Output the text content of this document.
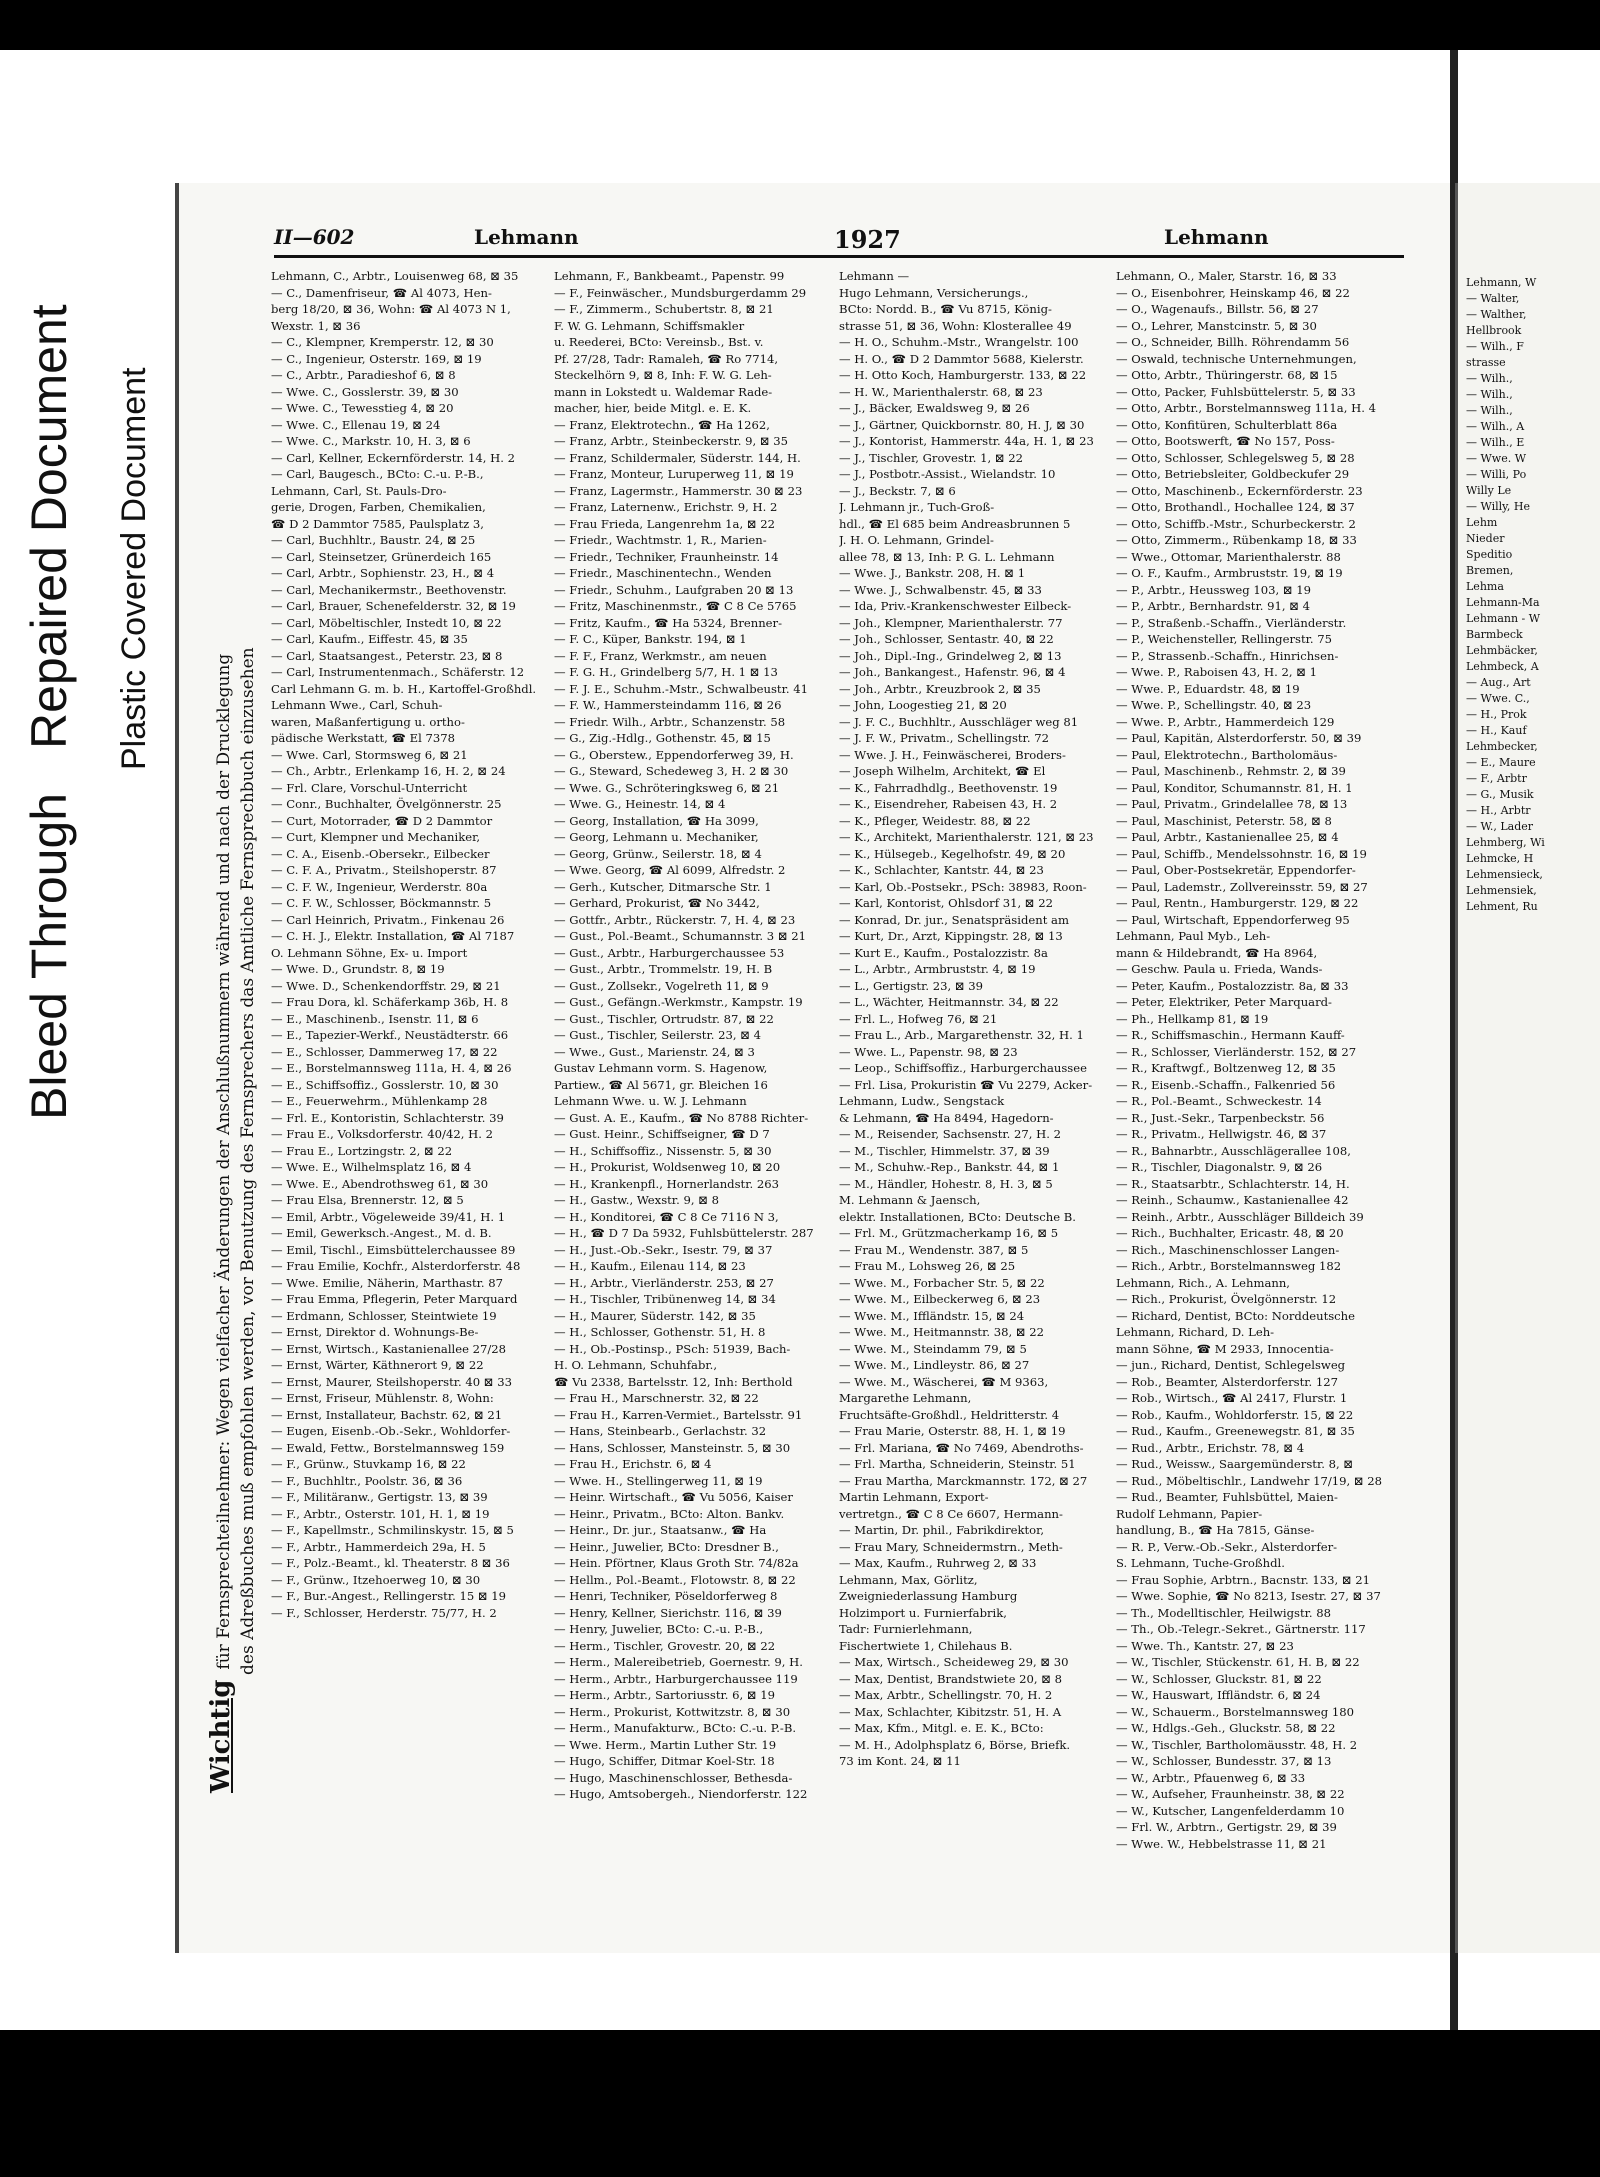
Bleed Through Repaired Document Plastic Covered Document
II—602	Lehmann	1927	Lehmann
Wichtigfür Fernsprechteilnehmer: Wegen vielfacher Änderungen der Anschlußnummern während und nach der Drucklegung des Adreßbuches muß empfohlen werden, vor Benutzung des Fernsprechers das Amtliche Fernsprechbuch einzusehen
Lehmann, C., Arbtr., Louisenweg 68, ⊠ 35
— C., Damenfriseur, ☎ Al 4073, Hen-
berg 18/20, ⊠ 36, Wohn: ☎ Al 4073 N 1,
Wexstr. 1, ⊠ 36
— C., Klempner, Kremperstr. 12, ⊠ 30
— C., Ingenieur, Osterstr. 169, ⊠ 19
— C., Arbtr., Paradieshof 6, ⊠ 8
— Wwe. C., Gosslerstr. 39, ⊠ 30
— Wwe. C., Tewesstieg 4, ⊠ 20
— Wwe. C., Ellenau 19, ⊠ 24
— Wwe. C., Markstr. 10, H. 3, ⊠ 6
— Carl, Kellner, Eckernförderstr. 14, H. 2
— Carl, Baugesch., BCto: C.-u. P.-B.,
Lehmann, Carl, St. Pauls-Dro-
gerie, Drogen, Farben, Chemikalien,
☎ D 2 Dammtor 7585, Paulsplatz 3,
— Carl, Buchhltr., Baustr. 24, ⊠ 25
— Carl, Steinsetzer, Grünerdeich 165
— Carl, Arbtr., Sophienstr. 23, H., ⊠ 4
— Carl, Mechanikermstr., Beethovenstr.
— Carl, Brauer, Schenefelderstr. 32, ⊠ 19
— Carl, Möbeltischler, Instedt 10, ⊠ 22
— Carl, Kaufm., Eiffestr. 45, ⊠ 35
— Carl, Staatsangest., Peterstr. 23, ⊠ 8
— Carl, Instrumentenmach., Schäferstr. 12
Carl Lehmann G. m. b. H., Kartoffel-Großhdl.
Lehmann Wwe., Carl, Schuh-
waren, Maßanfertigung u. ortho-
pädische Werkstatt, ☎ El 7378
— Wwe. Carl, Stormsweg 6, ⊠ 21
— Ch., Arbtr., Erlenkamp 16, H. 2, ⊠ 24
— Frl. Clare, Vorschul-Unterricht
— Conr., Buchhalter, Övelgönnerstr. 25
— Curt, Motorrader, ☎ D 2 Dammtor
— Curt, Klempner und Mechaniker,
— C. A., Eisenb.-Obersekr., Eilbecker
— C. F. A., Privatm., Steilshoperstr. 87
— C. F. W., Ingenieur, Werderstr. 80a
— C. F. W., Schlosser, Böckmannstr. 5
— Carl Heinrich, Privatm., Finkenau 26
— C. H. J., Elektr. Installation, ☎ Al 7187
O. Lehmann Söhne, Ex- u. Import
— Wwe. D., Grundstr. 8, ⊠ 19
— Wwe. D., Schenkendorffstr. 29, ⊠ 21
— Frau Dora, kl. Schäferkamp 36b, H. 8
— E., Maschinenb., Isenstr. 11, ⊠ 6
— E., Tapezier-Werkf., Neustädterstr. 66
— E., Schlosser, Dammerweg 17, ⊠ 22
— E., Borstelmannsweg 111a, H. 4, ⊠ 26
— E., Schiffsoffiz., Gosslerstr. 10, ⊠ 30
— E., Feuerwehrm., Mühlenkamp 28
— Frl. E., Kontoristin, Schlachterstr. 39
— Frau E., Volksdorferstr. 40/42, H. 2
— Frau E., Lortzingstr. 2, ⊠ 22
— Wwe. E., Wilhelmsplatz 16, ⊠ 4
— Wwe. E., Abendrothsweg 61, ⊠ 30
— Frau Elsa, Brennerstr. 12, ⊠ 5
— Emil, Arbtr., Vögeleweide 39/41, H. 1
— Emil, Gewerksch.-Angest., M. d. B.
— Emil, Tischl., Eimsbüttelerchaussee 89
— Frau Emilie, Kochfr., Alsterdorferstr. 48
— Wwe. Emilie, Näherin, Marthastr. 87
— Frau Emma, Pflegerin, Peter Marquard
— Erdmann, Schlosser, Steintwiete 19
— Ernst, Direktor d. Wohnungs-Be-
— Ernst, Wirtsch., Kastanienallee 27/28
— Ernst, Wärter, Käthnerort 9, ⊠ 22
— Ernst, Maurer, Steilshoperstr. 40 ⊠ 33
— Ernst, Friseur, Mühlenstr. 8, Wohn:
— Ernst, Installateur, Bachstr. 62, ⊠ 21
— Eugen, Eisenb.-Ob.-Sekr., Wohldorfer-
— Ewald, Fettw., Borstelmannsweg 159
— F., Grünw., Stuvkamp 16, ⊠ 22
— F., Buchhltr., Poolstr. 36, ⊠ 36
— F., Militäranw., Gertigstr. 13, ⊠ 39
— F., Arbtr., Osterstr. 101, H. 1, ⊠ 19
— F., Kapellmstr., Schmilinskystr. 15, ⊠ 5
— F., Arbtr., Hammerdeich 29a, H. 5
— F., Polz.-Beamt., kl. Theaterstr. 8 ⊠ 36
— F., Grünw., Itzehoerweg 10, ⊠ 30
— F., Bur.-Angest., Rellingerstr. 15 ⊠ 19
— F., Schlosser, Herderstr. 75/77, H. 2
Lehmann, F., Bankbeamt., Papenstr. 99
— F., Feinwäscher., Mundsburgerdamm 29
— F., Zimmerm., Schubertstr. 8, ⊠ 21
F. W. G. Lehmann, Schiffsmakler
u. Reederei, BCto: Vereinsb., Bst. v.
Pf. 27/28, Tadr: Ramaleh, ☎ Ro 7714,
Steckelhörn 9, ⊠ 8, Inh: F. W. G. Leh-
mann in Lokstedt u. Waldemar Rade-
macher, hier, beide Mitgl. e. E. K.
— Franz, Elektrotechn., ☎ Ha 1262,
— Franz, Arbtr., Steinbeckerstr. 9, ⊠ 35
— Franz, Schildermaler, Süderstr. 144, H.
— Franz, Monteur, Luruperweg 11, ⊠ 19
— Franz, Lagermstr., Hammerstr. 30 ⊠ 23
— Franz, Laternenw., Erichstr. 9, H. 2
— Frau Frieda, Langenrehm 1a, ⊠ 22
— Friedr., Wachtmstr. 1, R., Marien-
— Friedr., Techniker, Fraunheinstr. 14
— Friedr., Maschinentechn., Wenden
— Friedr., Schuhm., Laufgraben 20 ⊠ 13
— Fritz, Maschinenmstr., ☎ C 8 Ce 5765
— Fritz, Kaufm., ☎ Ha 5324, Brenner-
— F. C., Küper, Bankstr. 194, ⊠ 1
— F. F., Franz, Werkmstr., am neuen
— F. G. H., Grindelberg 5/7, H. 1 ⊠ 13
— F. J. E., Schuhm.-Mstr., Schwalbeustr. 41
— F. W., Hammersteindamm 116, ⊠ 26
— Friedr. Wilh., Arbtr., Schanzenstr. 58
— G., Zig.-Hdlg., Gothenstr. 45, ⊠ 15
— G., Oberstew., Eppendorferweg 39, H.
— G., Steward, Schedeweg 3, H. 2 ⊠ 30
— Wwe. G., Schröteringksweg 6, ⊠ 21
— Wwe. G., Heinestr. 14, ⊠ 4
— Georg, Installation, ☎ Ha 3099,
— Georg, Lehmann u. Mechaniker,
— Georg, Grünw., Seilerstr. 18, ⊠ 4
— Wwe. Georg, ☎ Al 6099, Alfredstr. 2
— Gerh., Kutscher, Ditmarsche Str. 1
— Gerhard, Prokurist, ☎ No 3442,
— Gottfr., Arbtr., Rückerstr. 7, H. 4, ⊠ 23
— Gust., Pol.-Beamt., Schumannstr. 3 ⊠ 21
— Gust., Arbtr., Harburgerchaussee 53
— Gust., Arbtr., Trommelstr. 19, H. B
— Gust., Zollsekr., Vogelreth 11, ⊠ 9
— Gust., Gefängn.-Werkmstr., Kampstr. 19
— Gust., Tischler, Ortrudstr. 87, ⊠ 22
— Gust., Tischler, Seilerstr. 23, ⊠ 4
— Wwe., Gust., Marienstr. 24, ⊠ 3
Gustav Lehmann vorm. S. Hagenow,
Partiew., ☎ Al 5671, gr. Bleichen 16
Lehmann Wwe. u. W. J. Lehmann
— Gust. A. E., Kaufm., ☎ No 8788 Richter-
— Gust. Heinr., Schiffseigner, ☎ D 7
— H., Schiffsoffiz., Nissenstr. 5, ⊠ 30
— H., Prokurist, Woldsenweg 10, ⊠ 20
— H., Krankenpfl., Hornerlandstr. 263
— H., Gastw., Wexstr. 9, ⊠ 8
— H., Konditorei, ☎ C 8 Ce 7116 N 3,
— H., ☎ D 7 Da 5932, Fuhlsbüttelerstr. 287
— H., Just.-Ob.-Sekr., Isestr. 79, ⊠ 37
— H., Kaufm., Eilenau 114, ⊠ 23
— H., Arbtr., Vierländerstr. 253, ⊠ 27
— H., Tischler, Tribünenweg 14, ⊠ 34
— H., Maurer, Süderstr. 142, ⊠ 35
— H., Schlosser, Gothenstr. 51, H. 8
— H., Ob.-Postinsp., PSch: 51939, Bach-
H. O. Lehmann, Schuhfabr.,
☎ Vu 2338, Bartelsstr. 12, Inh: Berthold
— Frau H., Marschnerstr. 32, ⊠ 22
— Frau H., Karren-Vermiet., Bartelsstr. 91
— Hans, Steinbearb., Gerlachstr. 32
— Hans, Schlosser, Mansteinstr. 5, ⊠ 30
— Frau H., Erichstr. 6, ⊠ 4
— Wwe. H., Stellingerweg 11, ⊠ 19
— Heinr. Wirtschaft., ☎ Vu 5056, Kaiser
— Heinr., Privatm., BCto: Alton. Bankv.
— Heinr., Dr. jur., Staatsanw., ☎ Ha
— Heinr., Juwelier, BCto: Dresdner B.,
— Hein. Pförtner, Klaus Groth Str. 74/82a
— Hellm., Pol.-Beamt., Flotowstr. 8, ⊠ 22
— Henri, Techniker, Pöseldorferweg 8
— Henry, Kellner, Sierichstr. 116, ⊠ 39
— Henry, Juwelier, BCto: C.-u. P.-B.,
— Herm., Tischler, Grovestr. 20, ⊠ 22
— Herm., Malereibetrieb, Goernestr. 9, H.
— Herm., Arbtr., Harburgerchaussee 119
— Herm., Arbtr., Sartoriusstr. 6, ⊠ 19
— Herm., Prokurist, Kottwitzstr. 8, ⊠ 30
— Herm., Manufakturw., BCto: C.-u. P.-B.
— Wwe. Herm., Martin Luther Str. 19
— Hugo, Schiffer, Ditmar Koel-Str. 18
— Hugo, Maschinenschlosser, Bethesda-
— Hugo, Amtsobergeh., Niendorferstr. 122
Lehmann —
Hugo Lehmann, Versicherungs.,
BCto: Nordd. B., ☎ Vu 8715, König-
strasse 51, ⊠ 36, Wohn: Klosterallee 49
— H. O., Schuhm.-Mstr., Wrangelstr. 100
— H. O., ☎ D 2 Dammtor 5688, Kielerstr.
— H. Otto Koch, Hamburgerstr. 133, ⊠ 22
— H. W., Marienthalerstr. 68, ⊠ 23
— J., Bäcker, Ewaldsweg 9, ⊠ 26
— J., Gärtner, Quickbornstr. 80, H. J, ⊠ 30
— J., Kontorist, Hammerstr. 44a, H. 1, ⊠ 23
— J., Tischler, Grovestr. 1, ⊠ 22
— J., Postbotr.-Assist., Wielandstr. 10
— J., Beckstr. 7, ⊠ 6
J. Lehmann jr., Tuch-Groß-
hdl., ☎ El 685 beim Andreasbrunnen 5
J. H. O. Lehmann, Grindel-
allee 78, ⊠ 13, Inh: P. G. L. Lehmann
— Wwe. J., Bankstr. 208, H. ⊠ 1
— Wwe. J., Schwalbenstr. 45, ⊠ 33
— Ida, Priv.-Krankenschwester Eilbeck-
— Joh., Klempner, Marienthalerstr. 77
— Joh., Schlosser, Sentastr. 40, ⊠ 22
— Joh., Dipl.-Ing., Grindelweg 2, ⊠ 13
— Joh., Bankangest., Hafenstr. 96, ⊠ 4
— Joh., Arbtr., Kreuzbrook 2, ⊠ 35
— John, Loogestieg 21, ⊠ 20
— J. F. C., Buchhltr., Ausschläger weg 81
— J. F. W., Privatm., Schellingstr. 72
— Wwe. J. H., Feinwäscherei, Broders-
— Joseph Wilhelm, Architekt, ☎ El
— K., Fahrradhdlg., Beethovenstr. 19
— K., Eisendreher, Rabeisen 43, H. 2
— K., Pfleger, Weidestr. 88, ⊠ 22
— K., Architekt, Marienthalerstr. 121, ⊠ 23
— K., Hülsegeb., Kegelhofstr. 49, ⊠ 20
— K., Schlachter, Kantstr. 44, ⊠ 23
— Karl, Ob.-Postsekr., PSch: 38983, Roon-
— Karl, Kontorist, Ohlsdorf 31, ⊠ 22
— Konrad, Dr. jur., Senatspräsident am
— Kurt, Dr., Arzt, Kippingstr. 28, ⊠ 13
— Kurt E., Kaufm., Postalozzistr. 8a
— L., Arbtr., Armbruststr. 4, ⊠ 19
— L., Gertigstr. 23, ⊠ 39
— L., Wächter, Heitmannstr. 34, ⊠ 22
— Frl. L., Hofweg 76, ⊠ 21
— Frau L., Arb., Margarethenstr. 32, H. 1
— Wwe. L., Papenstr. 98, ⊠ 23
— Leop., Schiffsoffiz., Harburgerchaussee
— Frl. Lisa, Prokuristin ☎ Vu 2279, Acker-
Lehmann, Ludw., Sengstack
& Lehmann, ☎ Ha 8494, Hagedorn-
— M., Reisender, Sachsenstr. 27, H. 2
— M., Tischler, Himmelstr. 37, ⊠ 39
— M., Schuhw.-Rep., Bankstr. 44, ⊠ 1
— M., Händler, Hohestr. 8, H. 3, ⊠ 5
M. Lehmann & Jaensch,
elektr. Installationen, BCto: Deutsche B.
— Frl. M., Grützmacherkamp 16, ⊠ 5
— Frau M., Wendenstr. 387, ⊠ 5
— Frau M., Lohsweg 26, ⊠ 25
— Wwe. M., Forbacher Str. 5, ⊠ 22
— Wwe. M., Eilbeckerweg 6, ⊠ 23
— Wwe. M., Iffländstr. 15, ⊠ 24
— Wwe. M., Heitmannstr. 38, ⊠ 22
— Wwe. M., Steindamm 79, ⊠ 5
— Wwe. M., Lindleystr. 86, ⊠ 27
— Wwe. M., Wäscherei, ☎ M 9363,
Margarethe Lehmann,
Fruchtsäfte-Großhdl., Heldritterstr. 4
— Frau Marie, Osterstr. 88, H. 1, ⊠ 19
— Frl. Mariana, ☎ No 7469, Abendroths-
— Frl. Martha, Schneiderin, Steinstr. 51
— Frau Martha, Marckmannstr. 172, ⊠ 27
Martin Lehmann, Export-
vertretgn., ☎ C 8 Ce 6607, Hermann-
— Martin, Dr. phil., Fabrikdirektor,
— Frau Mary, Schneidermstrn., Meth-
— Max, Kaufm., Ruhrweg 2, ⊠ 33
Lehmann, Max, Görlitz,
Zweigniederlassung Hamburg
Holzimport u. Furnierfabrik,
Tadr: Furnierlehmann,
Fischertwiete 1, Chilehaus B.
— Max, Wirtsch., Scheideweg 29, ⊠ 30
— Max, Dentist, Brandstwiete 20, ⊠ 8
— Max, Arbtr., Schellingstr. 70, H. 2
— Max, Schlachter, Kibitzstr. 51, H. A
— Max, Kfm., Mitgl. e. E. K., BCto:
— M. H., Adolphsplatz 6, Börse, Briefk.
73 im Kont. 24, ⊠ 11
Lehmann, O., Maler, Starstr. 16, ⊠ 33
— O., Eisenbohrer, Heinskamp 46, ⊠ 22
— O., Wagenaufs., Billstr. 56, ⊠ 27
— O., Lehrer, Manstcinstr. 5, ⊠ 30
— O., Schneider, Billh. Röhrendamm 56
— Oswald, technische Unternehmungen,
— Otto, Arbtr., Thüringerstr. 68, ⊠ 15
— Otto, Packer, Fuhlsbüttelerstr. 5, ⊠ 33
— Otto, Arbtr., Borstelmannsweg 111a, H. 4
— Otto, Konfitüren, Schulterblatt 86a
— Otto, Bootswerft, ☎ No 157, Poss-
— Otto, Schlosser, Schlegelsweg 5, ⊠ 28
— Otto, Betriebsleiter, Goldbeckufer 29
— Otto, Maschinenb., Eckernförderstr. 23
— Otto, Brothandl., Hochallee 124, ⊠ 37
— Otto, Schiffb.-Mstr., Schurbeckerstr. 2
— Otto, Zimmerm., Rübenkamp 18, ⊠ 33
— Wwe., Ottomar, Marienthalerstr. 88
— O. F., Kaufm., Armbruststr. 19, ⊠ 19
— P., Arbtr., Heussweg 103, ⊠ 19
— P., Arbtr., Bernhardstr. 91, ⊠ 4
— P., Straßenb.-Schaffn., Vierländerstr.
— P., Weichensteller, Rellingerstr. 75
— P., Strassenb.-Schaffn., Hinrichsen-
— Wwe. P., Raboisen 43, H. 2, ⊠ 1
— Wwe. P., Eduardstr. 48, ⊠ 19
— Wwe. P., Schellingstr. 40, ⊠ 23
— Wwe. P., Arbtr., Hammerdeich 129
— Paul, Kapitän, Alsterdorferstr. 50, ⊠ 39
— Paul, Elektrotechn., Bartholomäus-
— Paul, Maschinenb., Rehmstr. 2, ⊠ 39
— Paul, Konditor, Schumannstr. 81, H. 1
— Paul, Privatm., Grindelallee 78, ⊠ 13
— Paul, Maschinist, Peterstr. 58, ⊠ 8
— Paul, Arbtr., Kastanienallee 25, ⊠ 4
— Paul, Schiffb., Mendelssohnstr. 16, ⊠ 19
— Paul, Ober-Postsekretär, Eppendorfer-
— Paul, Lademstr., Zollvereinsstr. 59, ⊠ 27
— Paul, Rentn., Hamburgerstr. 129, ⊠ 22
— Paul, Wirtschaft, Eppendorferweg 95
Lehmann, Paul Myb., Leh-
mann & Hildebrandt, ☎ Ha 8964,
— Geschw. Paula u. Frieda, Wands-
— Peter, Kaufm., Postalozzistr. 8a, ⊠ 33
— Peter, Elektriker, Peter Marquard-
— Ph., Hellkamp 81, ⊠ 19
— R., Schiffsmaschin., Hermann Kauff-
— R., Schlosser, Vierländerstr. 152, ⊠ 27
— R., Kraftwgf., Boltzenweg 12, ⊠ 35
— R., Eisenb.-Schaffn., Falkenried 56
— R., Pol.-Beamt., Schweckestr. 14
— R., Just.-Sekr., Tarpenbeckstr. 56
— R., Privatm., Hellwigstr. 46, ⊠ 37
— R., Bahnarbtr., Ausschlägerallee 108,
— R., Tischler, Diagonalstr. 9, ⊠ 26
— R., Staatsarbtr., Schlachterstr. 14, H.
— Reinh., Schaumw., Kastanienallee 42
— Reinh., Arbtr., Ausschläger Billdeich 39
— Rich., Buchhalter, Ericastr. 48, ⊠ 20
— Rich., Maschinenschlosser Langen-
— Rich., Arbtr., Borstelmannsweg 182
Lehmann, Rich., A. Lehmann,
— Rich., Prokurist, Övelgönnerstr. 12
— Richard, Dentist, BCto: Norddeutsche
Lehmann, Richard, D. Leh-
mann Söhne, ☎ M 2933, Innocentia-
— jun., Richard, Dentist, Schlegelsweg
— Rob., Beamter, Alsterdorferstr. 127
— Rob., Wirtsch., ☎ Al 2417, Flurstr. 1
— Rob., Kaufm., Wohldorferstr. 15, ⊠ 22
— Rud., Kaufm., Greenewegstr. 81, ⊠ 35
— Rud., Arbtr., Erichstr. 78, ⊠ 4
— Rud., Weissw., Saargemünderstr. 8, ⊠
— Rud., Möbeltischlr., Landwehr 17/19, ⊠ 28
— Rud., Beamter, Fuhlsbüttel, Maien-
Rudolf Lehmann, Papier-
handlung, B., ☎ Ha 7815, Gänse-
— R. P., Verw.-Ob.-Sekr., Alsterdorfer-
S. Lehmann, Tuche-Großhdl.
— Frau Sophie, Arbtrn., Bacnstr. 133, ⊠ 21
— Wwe. Sophie, ☎ No 8213, Isestr. 27, ⊠ 37
— Th., Modelltischler, Heilwigstr. 88
— Th., Ob.-Telegr.-Sekret., Gärtnerstr. 117
— Wwe. Th., Kantstr. 27, ⊠ 23
— W., Tischler, Stückenstr. 61, H. B, ⊠ 22
— W., Schlosser, Gluckstr. 81, ⊠ 22
— W., Hauswart, Iffländstr. 6, ⊠ 24
— W., Schauerm., Borstelmannsweg 180
— W., Hdlgs.-Geh., Gluckstr. 58, ⊠ 22
— W., Tischler, Bartholomäusstr. 48, H. 2
— W., Schlosser, Bundesstr. 37, ⊠ 13
— W., Arbtr., Pfauenweg 6, ⊠ 33
— W., Aufseher, Fraunheinstr. 38, ⊠ 22
— W., Kutscher, Langenfelderdamm 10
— Frl. W., Arbtrn., Gertigstr. 29, ⊠ 39
— Wwe. W., Hebbelstrasse 11, ⊠ 21
Lehmann, W
— Walter,
— Walther,
Hellbrook
— Wilh., F
strasse
— Wilh.,
— Wilh.,
— Wilh.,
— Wilh., A
— Wilh., E
— Wwe. W
— Willi, Po
Willy Le
— Willy, He
Lehm
Nieder
Speditio
Bremen,
Lehma
Lehmann-Ma
Lehmann - W
Barmbeck
Lehmbäcker,
Lehmbeck, A
— Aug., Art
— Wwe. C.,
— H., Prok
— H., Kauf
Lehmbecker,
— E., Maure
— F., Arbtr
— G., Musik
— H., Arbtr
— W., Lader
Lehmberg, Wi
Lehmcke, H
Lehmensieck,
Lehmensiek,
Lehment, Ru
